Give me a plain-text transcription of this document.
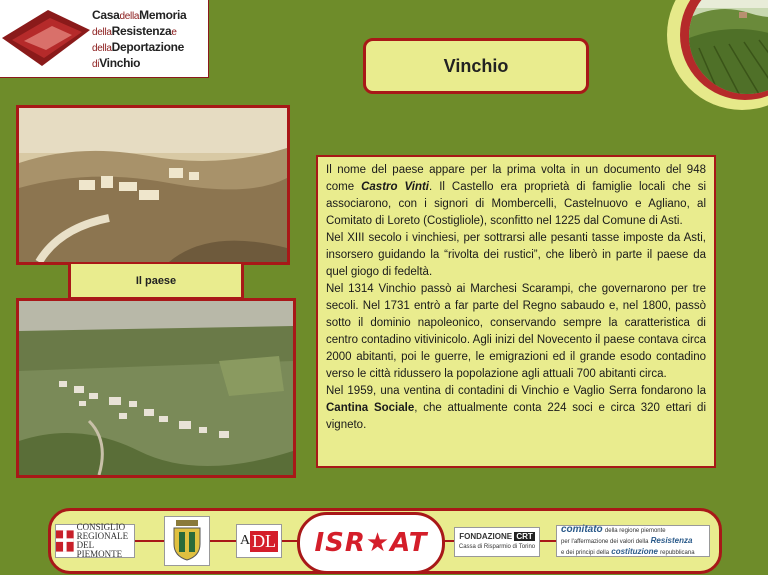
CasadellaMemoria
dellaResistenzae
dellaDeportazione
diVinchio	Vinchio
Il paese

Il nome del paese appare per la prima volta in un documento del 948 come Castro Vinti. Il Castello era proprietà di famiglie locali che si associarono, con i signori di Mombercelli, Castelnuovo e Agliano, al Comitato di Loreto (Costigliole), sconfitto nel 1225 dal Comune di Asti.

Nel XIII secolo i vinchiesi, per sottrarsi alle pesanti tasse imposte da Asti, insorsero guidando la “rivolta dei rustici”, che liberò in parte il paese da quel giogo di fedeltà.

Nel 1314 Vinchio passò ai Marchesi Scarampi, che governarono per tre secoli. Nel 1731 entrò a far parte del Regno sabaudo e, nel 1800, passò sotto il dominio napoleonico, conservando sempre la caratteristica di centro contadino vitivinicolo. Agli inizi del Novecento il paese contava circa 2000 abitanti, poi le guerre, le emigrazioni ed il grande esodo contadino verso le città ridussero la popolazione agli attuali 700 abitanti circa.

Nel 1959, una ventina di contadini di Vinchio e Vaglio Serra fondarono la Cantina Sociale, che attualmente conta 224 soci e circa 320 ettari di vigneto.

CONSIGLIO
REGIONALE
DEL PIEMONTE
A DL ISR★AT	FONDAZIONE CRT
Cassa di Risparmio di Torino
comitato della regione piemonte
per l'affermazione dei valori della Resistenza
e dei principi della costituzione repubblicana
